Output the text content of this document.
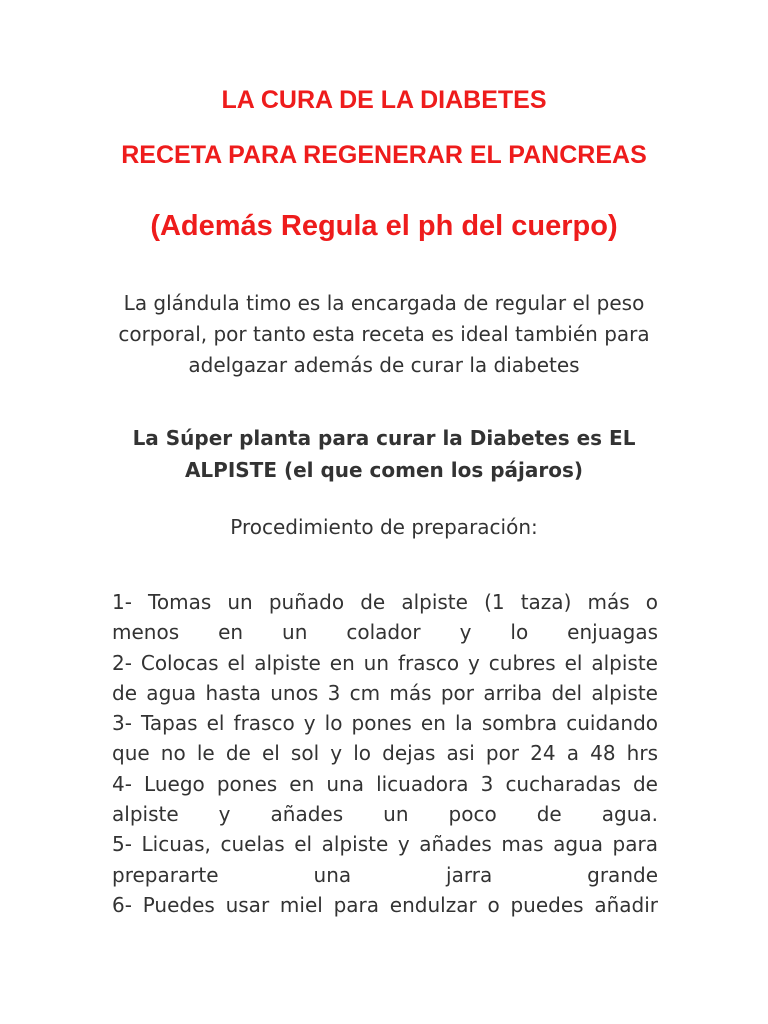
LA CURA DE LA DIABETES
RECETA PARA REGENERAR EL PANCREAS
(Además Regula el ph del cuerpo)

La glándula timo es la encargada de regular el peso corporal, por tanto esta receta es ideal también para adelgazar además de curar la diabetes

La Súper planta para curar la Diabetes es EL ALPISTE (el que comen los pájaros)

Procedimiento de preparación:

1- Tomas un puñado de alpiste (1 taza) más o
menos en un colador y lo enjuagas
2- Colocas el alpiste en un frasco y cubres el alpiste
de agua hasta unos 3 cm más por arriba del alpiste
3- Tapas el frasco y lo pones en la sombra cuidando
que no le de el sol y lo dejas asi por 24 a 48 hrs
4- Luego pones en una licuadora 3 cucharadas de
alpiste y añades un poco de agua.
5- Licuas, cuelas el alpiste y añades mas agua para
prepararte una jarra grande
6- Puedes usar miel para endulzar o puedes añadir
